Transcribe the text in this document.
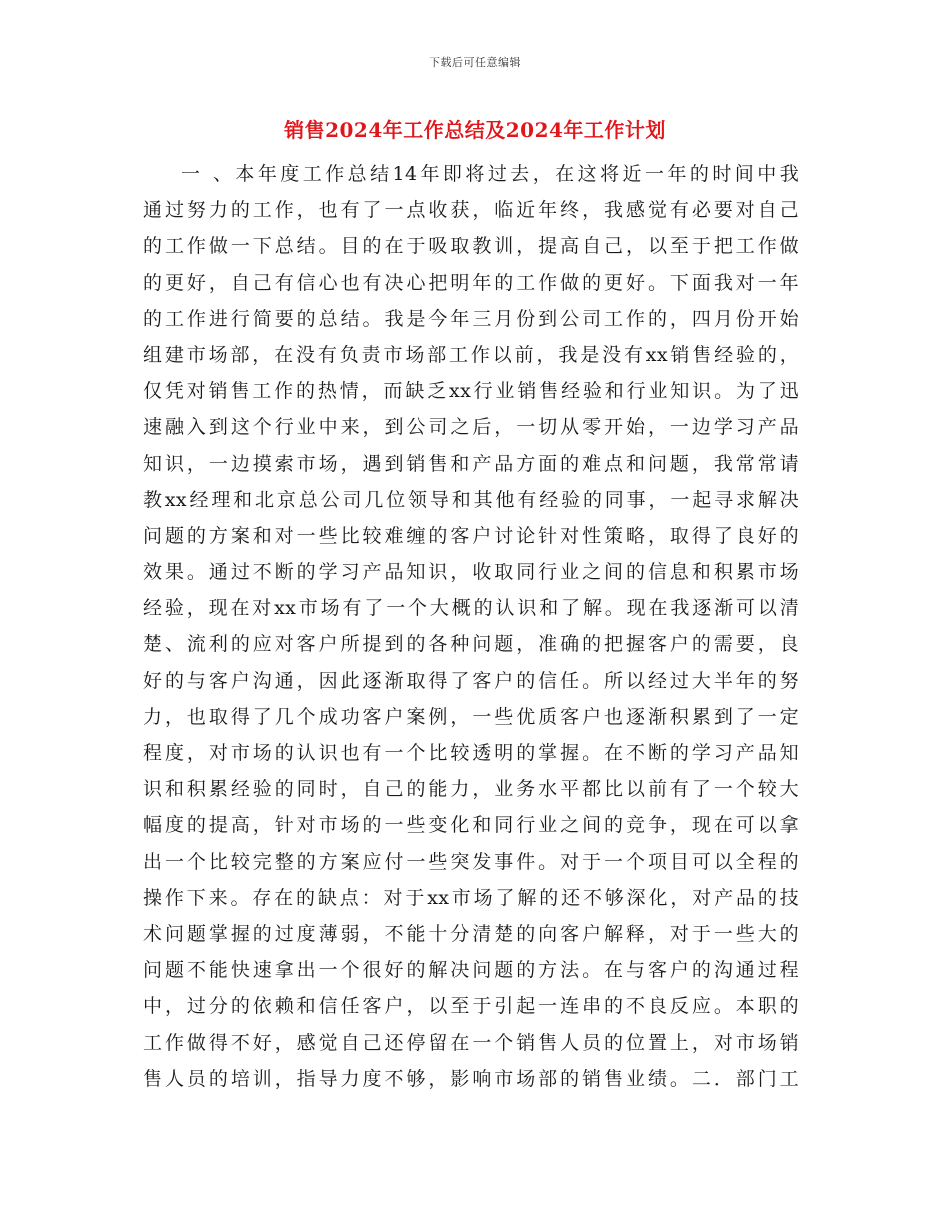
下载后可任意编辑
销售2024年工作总结及2024年工作计划
一 、本年度工作总结14年即将过去，在这将近一年的时间中我
通过努力的工作，也有了一点收获，临近年终，我感觉有必要对自己
的工作做一下总结。目的在于吸取教训，提高自己，以至于把工作做
的更好，自己有信心也有决心把明年的工作做的更好。下面我对一年
的工作进行简要的总结。我是今年三月份到公司工作的，四月份开始
组建市场部，在没有负责市场部工作以前，我是没有xx销售经验的，
仅凭对销售工作的热情，而缺乏xx行业销售经验和行业知识。为了迅
速融入到这个行业中来，到公司之后，一切从零开始，一边学习产品
知识，一边摸索市场，遇到销售和产品方面的难点和问题，我常常请
教xx经理和北京总公司几位领导和其他有经验的同事，一起寻求解决
问题的方案和对一些比较难缠的客户讨论针对性策略，取得了良好的
效果。通过不断的学习产品知识，收取同行业之间的信息和积累市场
经验，现在对xx市场有了一个大概的认识和了解。现在我逐渐可以清
楚、流利的应对客户所提到的各种问题，准确的把握客户的需要，良
好的与客户沟通，因此逐渐取得了客户的信任。所以经过大半年的努
力，也取得了几个成功客户案例，一些优质客户也逐渐积累到了一定
程度，对市场的认识也有一个比较透明的掌握。在不断的学习产品知
识和积累经验的同时，自己的能力，业务水平都比以前有了一个较大
幅度的提高，针对市场的一些变化和同行业之间的竞争，现在可以拿
出一个比较完整的方案应付一些突发事件。对于一个项目可以全程的
操作下来。存在的缺点：对于xx市场了解的还不够深化，对产品的技
术问题掌握的过度薄弱，不能十分清楚的向客户解释，对于一些大的
问题不能快速拿出一个很好的解决问题的方法。在与客户的沟通过程
中，过分的依赖和信任客户，以至于引起一连串的不良反应。本职的
工作做得不好，感觉自己还停留在一个销售人员的位置上，对市场销
售人员的培训，指导力度不够，影响市场部的销售业绩。二．部门工
